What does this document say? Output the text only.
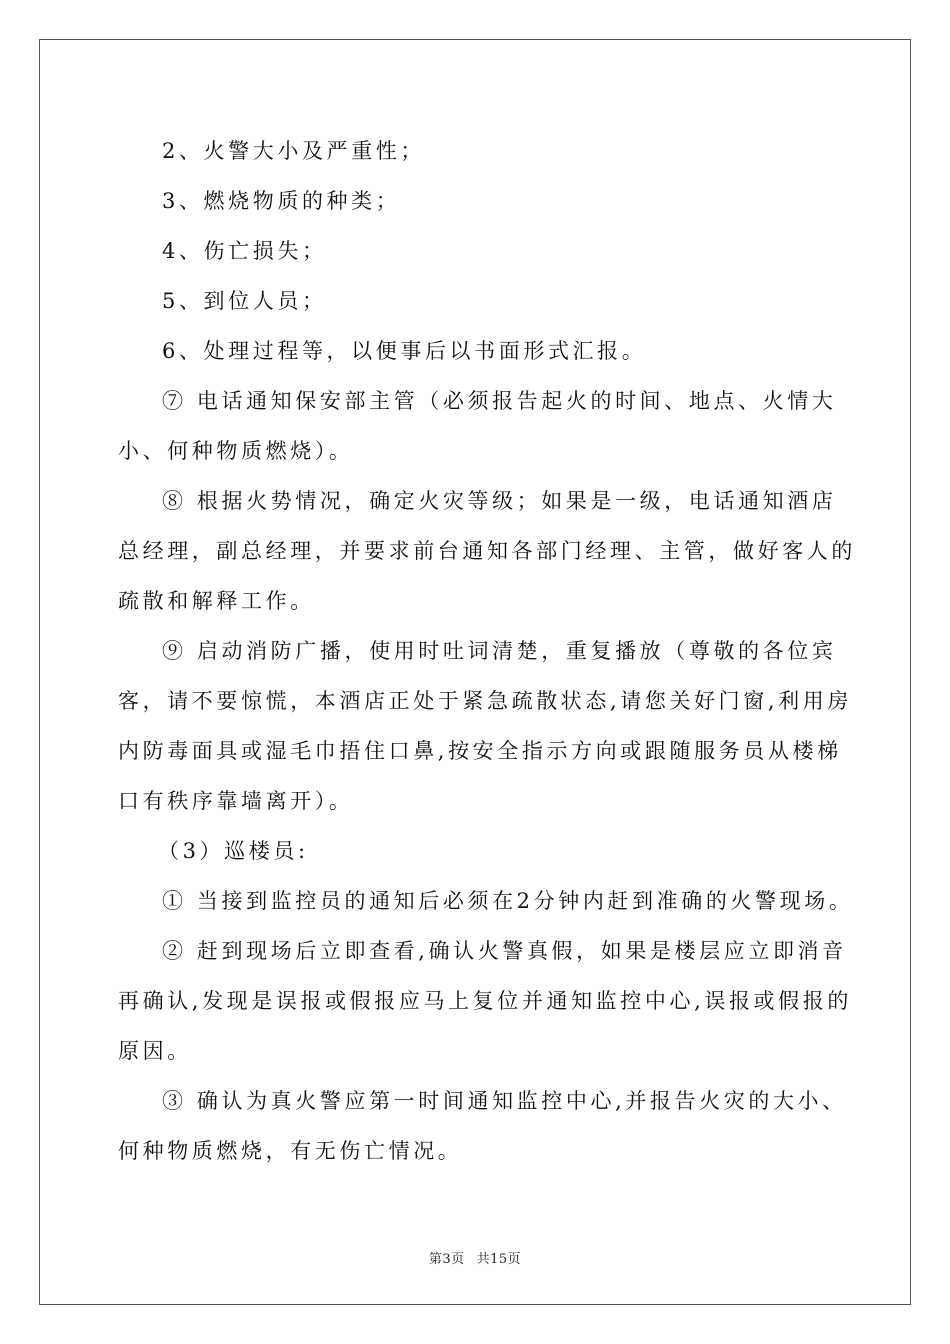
2、火警大小及严重性；
3、燃烧物质的种类；
4、伤亡损失；
5、到位人员；
6、处理过程等，以便事后以书面形式汇报。
⑦ 电话通知保安部主管（必须报告起火的时间、地点、火情大
小、何种物质燃烧）。
⑧ 根据火势情况，确定火灾等级；如果是一级，电话通知酒店
总经理，副总经理，并要求前台通知各部门经理、主管，做好客人的
疏散和解释工作。
⑨ 启动消防广播，使用时吐词清楚，重复播放（尊敬的各位宾
客，请不要惊慌，本酒店正处于紧急疏散状态,请您关好门窗,利用房
内防毒面具或湿毛巾捂住口鼻,按安全指示方向或跟随服务员从楼梯
口有秩序靠墙离开）。
（3）巡楼员:
① 当接到监控员的通知后必须在2分钟内赶到准确的火警现场。
② 赶到现场后立即查看,确认火警真假，如果是楼层应立即消音
再确认,发现是误报或假报应马上复位并通知监控中心,误报或假报的
原因。
③ 确认为真火警应第一时间通知监控中心,并报告火灾的大小、
何种物质燃烧，有无伤亡情况。
第3页 共15页
